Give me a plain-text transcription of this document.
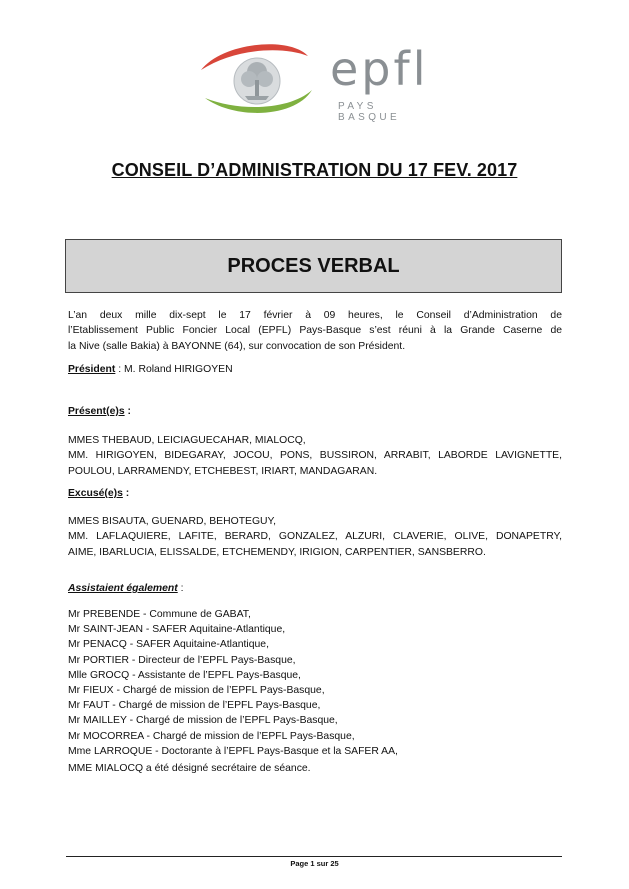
epfl
PAYS BASQUE
CONSEIL D’ADMINISTRATION DU 17 FEV. 2017
PROCES VERBAL
L’an deux mille dix-sept le 17 février à 09 heures, le Conseil d’Administration de
l’Etablissement Public Foncier Local (EPFL) Pays-Basque s’est réuni à la Grande Caserne de
la Nive (salle Bakia) à BAYONNE (64), sur convocation de son Président.
Président : M. Roland HIRIGOYEN
Présent(e)s :
MMES THEBAUD, LEICIAGUECAHAR, MIALOCQ,
MM. HIRIGOYEN, BIDEGARAY, JOCOU, PONS, BUSSIRON, ARRABIT, LABORDE LAVIGNETTE,
POULOU, LARRAMENDY, ETCHEBEST, IRIART, MANDAGARAN.
Excusé(e)s :
MMES BISAUTA, GUENARD, BEHOTEGUY,
MM. LAFLAQUIERE, LAFITE, BERARD, GONZALEZ, ALZURI, CLAVERIE, OLIVE, DONAPETRY,
AIME, IBARLUCIA, ELISSALDE, ETCHEMENDY, IRIGION, CARPENTIER, SANSBERRO.
Assistaient également :
Mr PREBENDE - Commune de GABAT,
Mr SAINT-JEAN - SAFER Aquitaine-Atlantique,
Mr PENACQ - SAFER Aquitaine-Atlantique,
Mr PORTIER - Directeur de l’EPFL Pays-Basque,
Mlle GROCQ - Assistante de l’EPFL Pays-Basque,
Mr FIEUX - Chargé de mission de l’EPFL Pays-Basque,
Mr FAUT - Chargé de mission de l’EPFL Pays-Basque,
Mr MAILLEY - Chargé de mission de l’EPFL Pays-Basque,
Mr MOCORREA - Chargé de mission de l’EPFL Pays-Basque,
Mme LARROQUE - Doctorante à l’EPFL Pays-Basque et la SAFER AA,
MME MIALOCQ a été désigné secrétaire de séance.
Page 1 sur 25
